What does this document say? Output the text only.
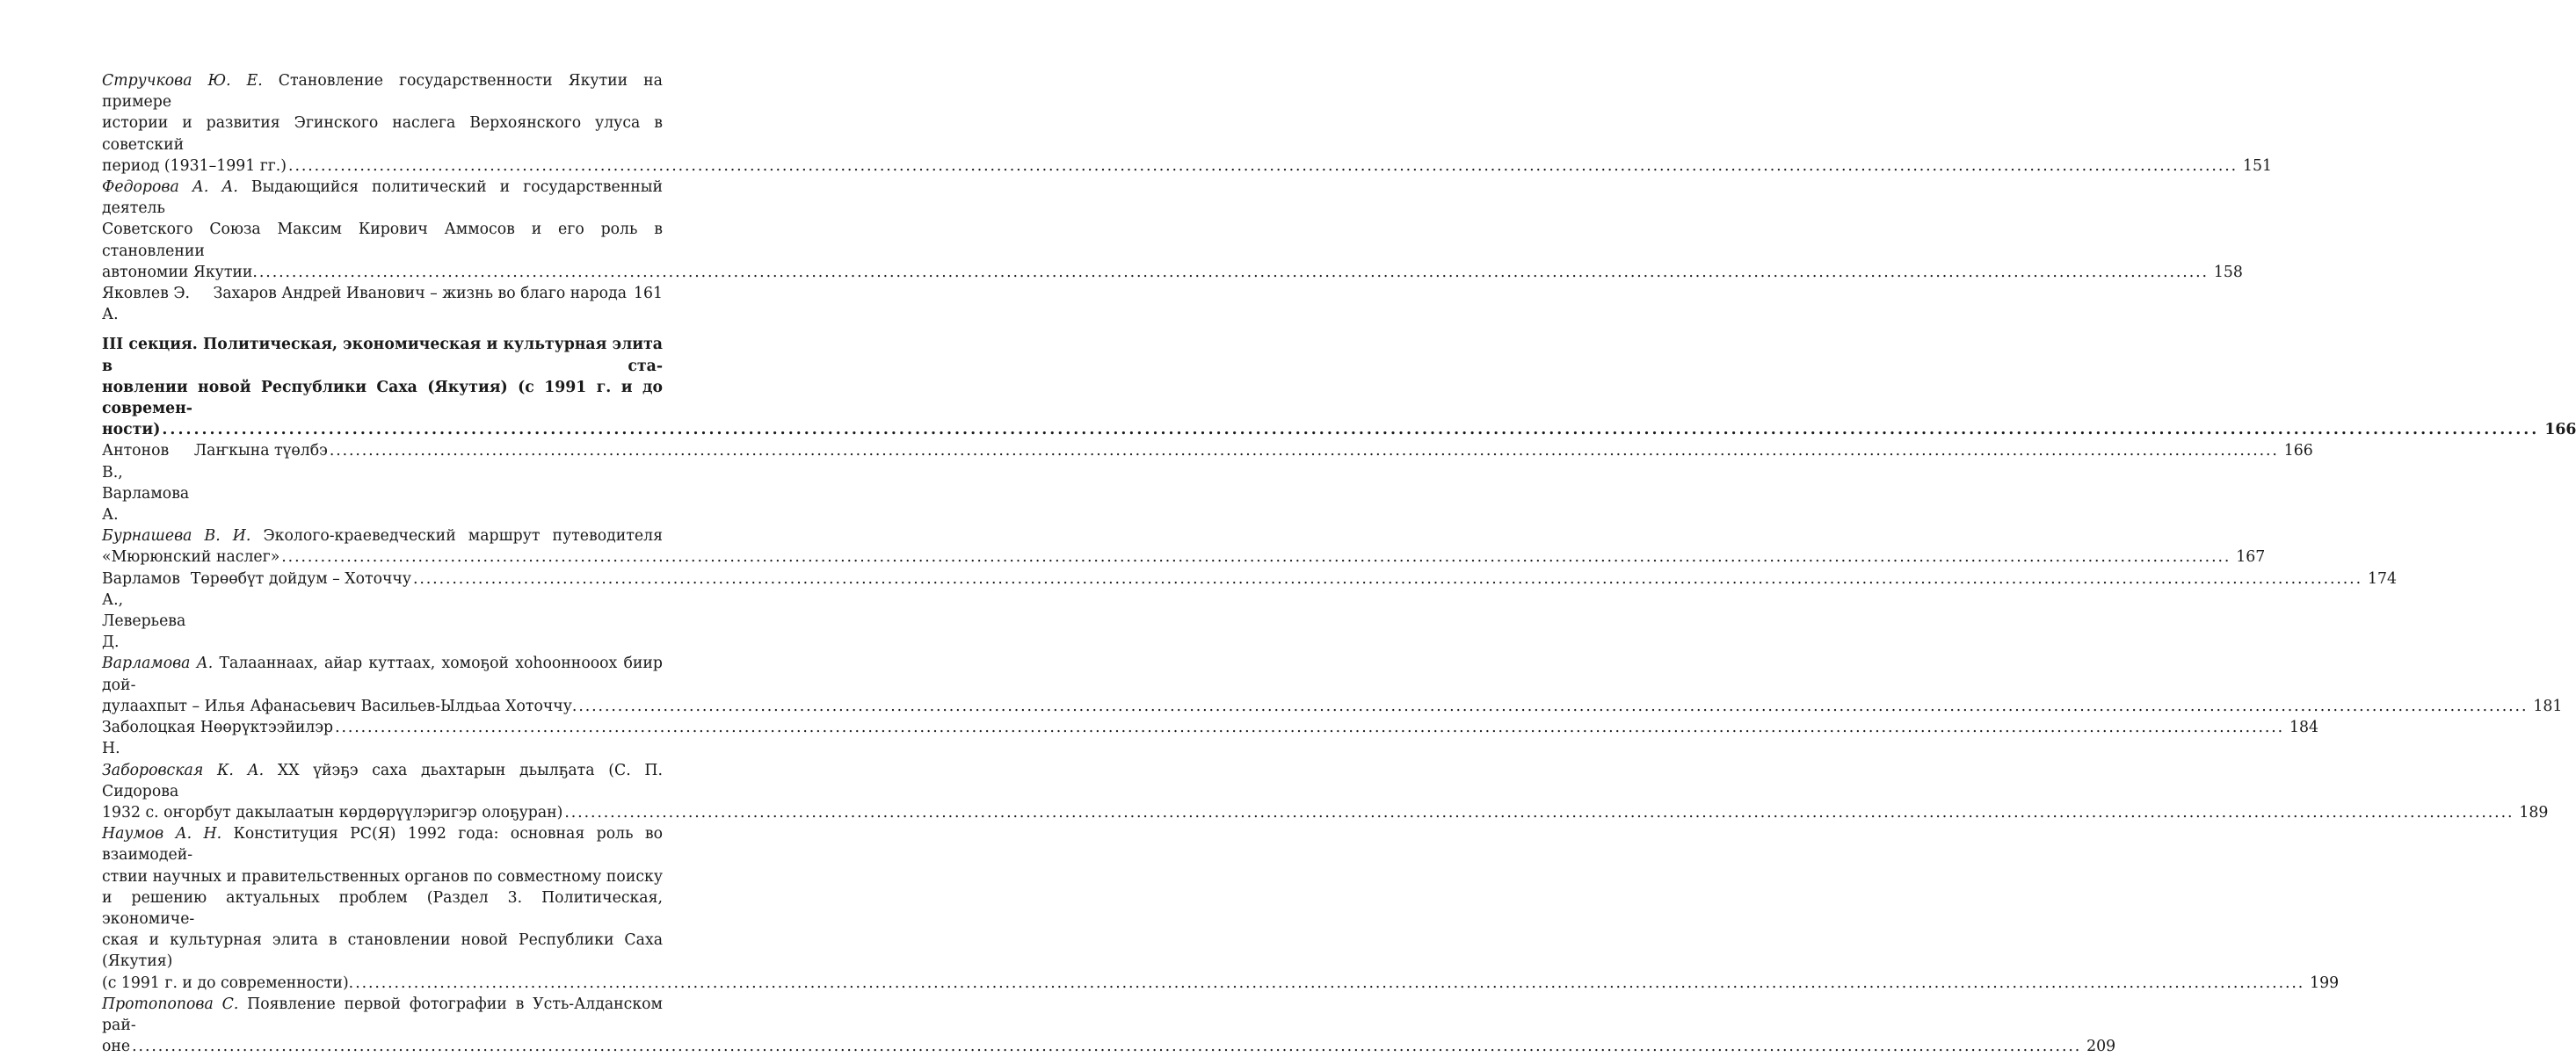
Стручкова Ю. Е. Становление государственности Якутии на примере
истории и развития Эгинского наслега Верхоянского улуса в советский
период (1931–1991 гг.) ............................................................................................................................................................................................................................................................................................................ 151
Федорова А. А. Выдающийся политический и государственный деятель
Советского Союза Максим Кирович Аммосов и его роль в становлении
автономии Якутии. ............................................................................................................................................................................................................................................................................................................ 158
Яковлев Э. А.

Захаров Андрей Иванович – жизнь во благо народа 161
III секция. Политическая, экономическая и культурная элита в ста-
новлении новой Республики Саха (Якутия) (с 1991 г. и до современ-
ности) ............................................................................................................................................................................................................................................................................................................ 166
Антонов В., Варламова А.

Лаҥкына түөлбэ ............................................................................................................................................................................................................................................................................................................ 166
Бурнашева В. И. Эколого-краеведческий маршрут путеводителя
«Мюрюнский наслег» ............................................................................................................................................................................................................................................................................................................ 167
Варламов А., Леверьева Д.

Төрөөбүт дойдум – Хоточчу ............................................................................................................................................................................................................................................................................................................ 174
Варламова А. Талааннаах, айар куттаах, хомоҕой хоһооннооох биир дой-
дулаахпыт – Илья Афанасьевич Васильев-Ылдьаа Хоточчу. ............................................................................................................................................................................................................................................................................................................ 181
Заболоцкая Н.

Нөөрүктээйилэр ............................................................................................................................................................................................................................................................................................................ 184
Заборовская К. А. XX үйэҕэ саха дьахтарын дьылҕата (С. П. Сидорова
1932 с. оҥорбут дакылаатын көрдөрүүлэригэр олоҕуран) ............................................................................................................................................................................................................................................................................................................ 189
Наумов А. Н. Конституция РС(Я) 1992 года: основная роль во взаимодей-
ствии научных и правительственных органов по совместному поиску
и решению актуальных проблем (Раздел 3. Политическая, экономиче-
ская и культурная элита в становлении новой Республики Саха (Якутия)
(с 1991 г. и до современности). ............................................................................................................................................................................................................................................................................................................ 199
Протопопова С. Появление первой фотографии в Усть-Алданском рай-
оне ............................................................................................................................................................................................................................................................................................................ 209
